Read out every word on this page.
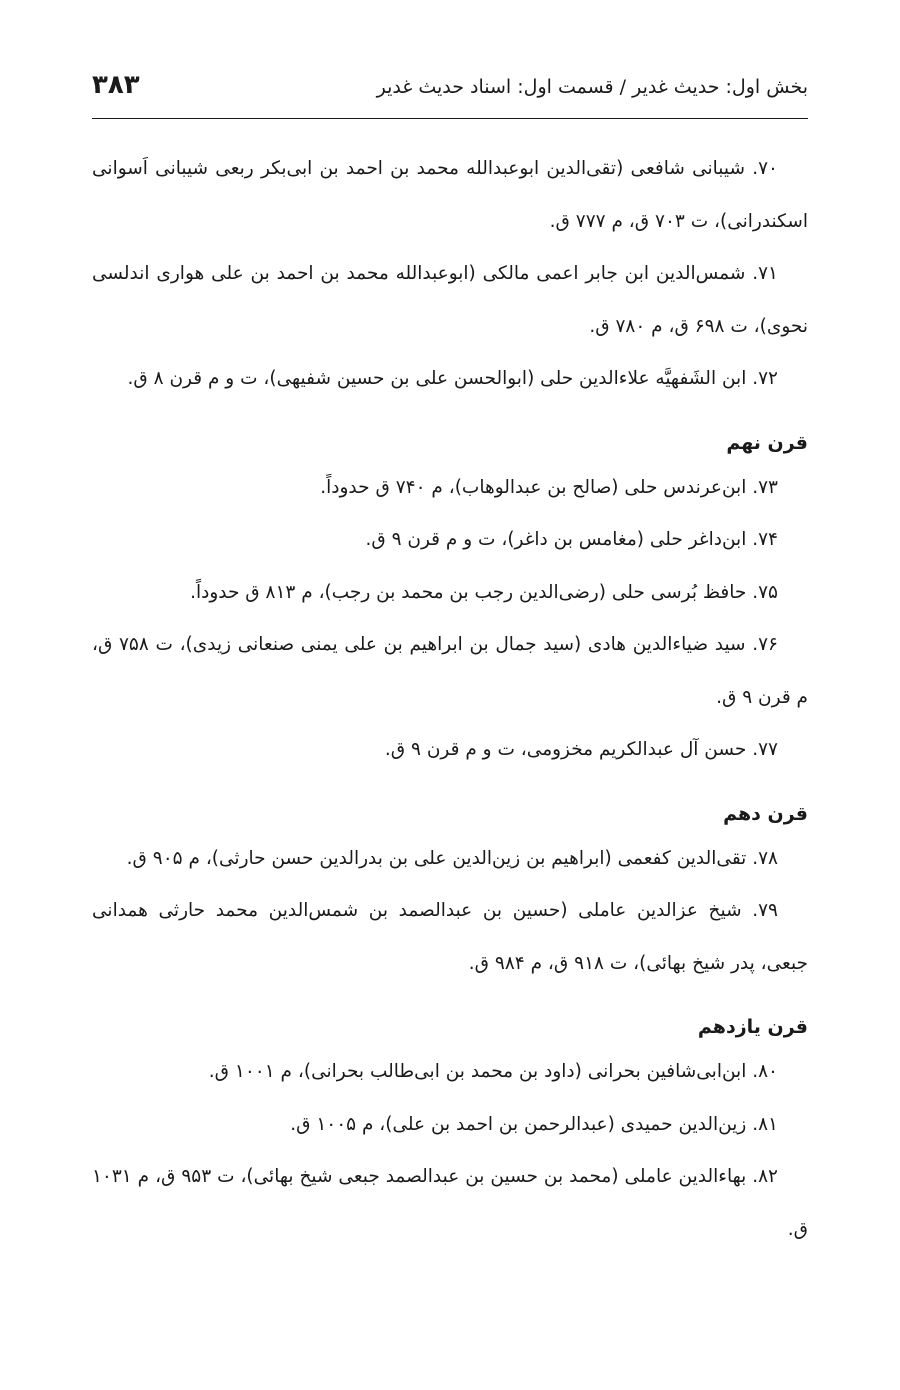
بخش اول: حدیث غدیر / قسمت اول: اسناد حدیث غدیر
۳۸۳

۷۰. شیبانی شافعی (تقی‌الدین ابوعبدالله محمد بن احمد بن ابی‌بکر ربعی شیبانی اَسوانی اسکندرانی)، ت ۷۰۳ ق، م ۷۷۷ ق.

۷۱. شمس‌الدین ابن جابر اعمی مالکی (ابوعبدالله محمد بن احمد بن علی هواری اندلسی نحوی)، ت ۶۹۸ ق، م ۷۸۰ ق.

۷۲. ابن الشَفهیَّه علاءالدین حلی (ابوالحسن علی بن حسین شفیهی)، ت و م قرن ۸ ق.

قرن نهم

۷۳. ابن‌عرندس حلی (صالح بن عبدالوهاب)، م ۷۴۰ ق حدوداً.

۷۴. ابن‌داغر حلی (مغامس بن داغر)، ت و م قرن ۹ ق.

۷۵. حافظ بُرسی حلی (رضی‌الدین رجب بن محمد بن رجب)، م ۸۱۳ ق حدوداً.

۷۶. سید ضیاءالدین هادی (سید جمال بن ابراهیم بن علی یمنی صنعانی زیدی)، ت ۷۵۸ ق، م قرن ۹ ق.

۷۷. حسن آل عبدالکریم مخزومی، ت و م قرن ۹ ق.

قرن دهم

۷۸. تقی‌الدین کفعمی (ابراهیم بن زین‌الدین علی بن بدرالدین حسن حارثی)، م ۹۰۵ ق.

۷۹. شیخ عزالدین عاملی (حسین بن عبدالصمد بن شمس‌الدین محمد حارثی همدانی جبعی، پدر شیخ بهائی)، ت ۹۱۸ ق، م ۹۸۴ ق.

قرن یازدهم

۸۰. ابن‌ابی‌شافین بحرانی (داود بن محمد بن ابی‌طالب بحرانی)، م ۱۰۰۱ ق.

۸۱. زین‌الدین حمیدی (عبدالرحمن بن احمد بن علی)، م ۱۰۰۵ ق.

۸۲. بهاءالدین عاملی (محمد بن حسین بن عبدالصمد جبعی شیخ بهائی)، ت ۹۵۳ ق، م ۱۰۳۱ ق.
